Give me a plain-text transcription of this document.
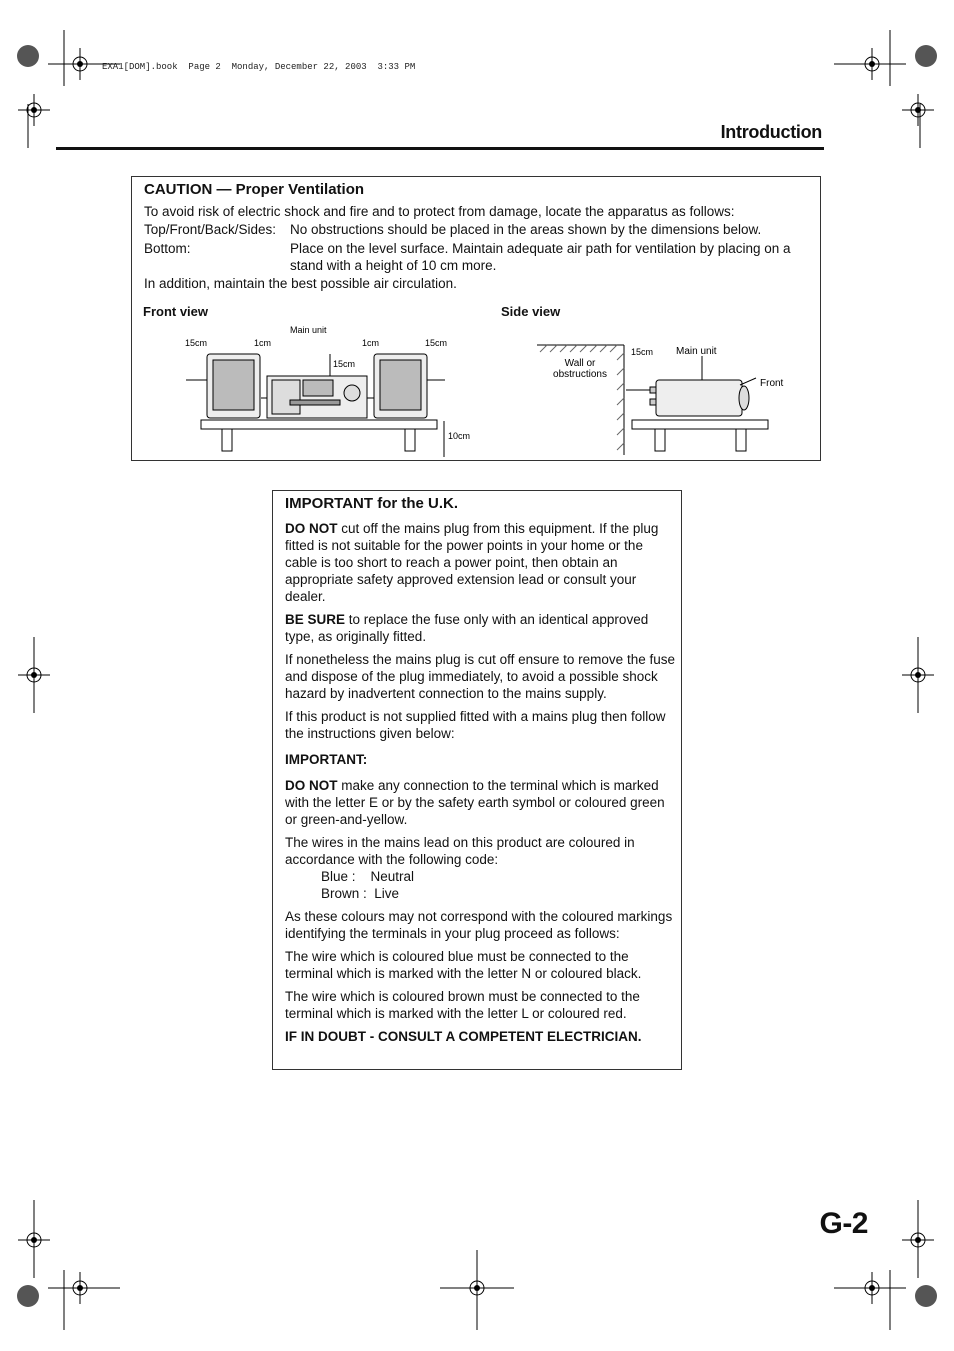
EXA1[DOM].book  Page 2  Monday, December 22, 2003  3:33 PM
Introduction
CAUTION — Proper Ventilation
To avoid risk of electric shock and fire and to protect from damage, locate the apparatus as follows:
Top/Front/Back/Sides: No obstructions should be placed in the areas shown by the dimensions below.
Bottom:	Place on the level surface. Maintain adequate air path for ventilation by placing on a stand with a height of 10 cm more.
In addition, maintain the best possible air circulation.
Front view	Side view
Main unit
15cm	1cm
15cm
1cm	15cm
10cm
Wall or obstructions
15cm Main unit
Front
IMPORTANT for the U.K.

DO NOT cut off the mains plug from this equipment. If the plug fitted is not suitable for the power points in your home or the cable is too short to reach a power point, then obtain an appropriate safety approved extension lead or consult your dealer.

BE SURE to replace the fuse only with an identical approved type, as originally fitted.

If nonetheless the mains plug is cut off ensure to remove the fuse and dispose of the plug immediately, to avoid a possible shock hazard by inadvertent connection to the mains supply.

If this product is not supplied fitted with a mains plug then follow the instructions given below:

IMPORTANT:

DO NOT make any connection to the terminal which is marked with the letter E or by the safety earth symbol or coloured green or green-and-yellow.

The wires in the mains lead on this product are coloured in accordance with the following code:

Blue :    Neutral
Brown :  Live

As these colours may not correspond with the coloured markings identifying the terminals in your plug proceed as follows:

The wire which is coloured blue must be connected to the terminal which is marked with the letter N or coloured black.

The wire which is coloured brown must be connected to the terminal which is marked with the letter L or coloured red.

IF IN DOUBT - CONSULT A COMPETENT ELECTRICIAN.

G-2
